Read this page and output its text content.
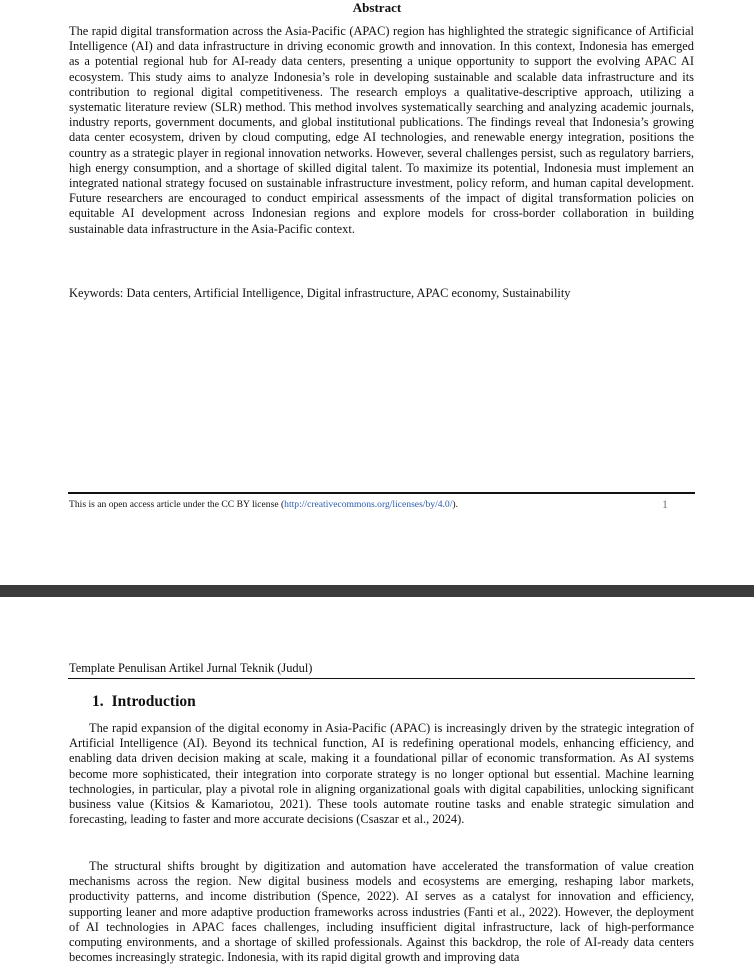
Abstract

The rapid digital transformation across the Asia-Pacific (APAC) region has highlighted the strategic significance of Artificial Intelligence (AI) and data infrastructure in driving economic growth and innovation. In this context, Indonesia has emerged as a potential regional hub for AI-ready data centers, presenting a unique opportunity to support the evolving APAC AI ecosystem. This study aims to analyze Indonesia’s role in developing sustainable and scalable data infrastructure and its contribution to regional digital competitiveness. The research employs a qualitative-descriptive approach, utilizing a systematic literature review (SLR) method. This method involves systematically searching and analyzing academic journals, industry reports, government documents, and global institutional publications. The findings reveal that Indonesia’s growing data center ecosystem, driven by cloud computing, edge AI technologies, and renewable energy integration, positions the country as a strategic player in regional innovation networks. However, several challenges persist, such as regulatory barriers, high energy consumption, and a shortage of skilled digital talent. To maximize its potential, Indonesia must implement an integrated national strategy focused on sustainable infrastructure investment, policy reform, and human capital development. Future researchers are encouraged to conduct empirical assessments of the impact of digital transformation policies on equitable AI development across Indonesian regions and explore models for cross-border collaboration in building sustainable data infrastructure in the Asia-Pacific context.

Keywords: Data centers, Artificial Intelligence, Digital infrastructure, APAC economy, Sustainability

This is an open access article under the CC BY license (http://creativecommons.org/licenses/by/4.0/).	1
Template Penulisan Artikel Jurnal Teknik (Judul)
1. Introduction

The rapid expansion of the digital economy in Asia-Pacific (APAC) is increasingly driven by the strategic integration of Artificial Intelligence (AI). Beyond its technical function, AI is redefining operational models, enhancing efficiency, and enabling data driven decision making at scale, making it a foundational pillar of economic transformation. As AI systems become more sophisticated, their integration into corporate strategy is no longer optional but essential. Machine learning technologies, in particular, play a pivotal role in aligning organizational goals with digital capabilities, unlocking significant business value (Kitsios & Kamariotou, 2021). These tools automate routine tasks and enable strategic simulation and forecasting, leading to faster and more accurate decisions (Csaszar et al., 2024).

The structural shifts brought by digitization and automation have accelerated the transformation of value creation mechanisms across the region. New digital business models and ecosystems are emerging, reshaping labor markets, productivity patterns, and income distribution (Spence, 2022). AI serves as a catalyst for innovation and efficiency, supporting leaner and more adaptive production frameworks across industries (Fanti et al., 2022). However, the deployment of AI technologies in APAC faces challenges, including insufficient digital infrastructure, lack of high-performance computing environments, and a shortage of skilled professionals. Against this backdrop, the role of AI-ready data centers becomes increasingly strategic. Indonesia, with its rapid digital growth and improving data
